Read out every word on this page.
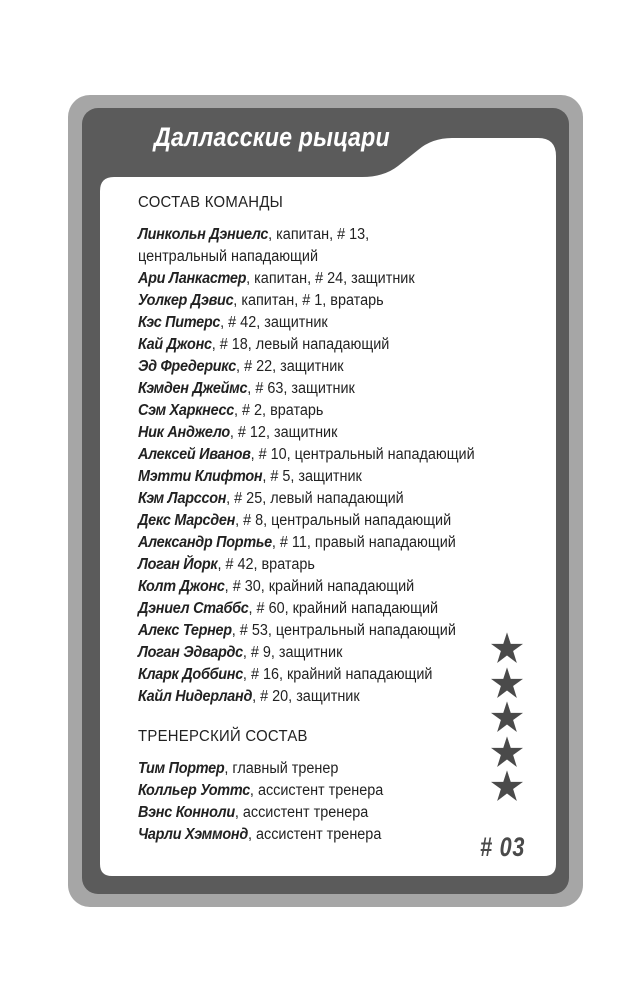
Далласские рыцари
СОСТАВ КОМАНДЫ
Линкольн Дэниелс, капитан, # 13,
центральный нападающий
Ари Ланкастер, капитан, # 24, защитник
Уолкер Дэвис, капитан, # 1, вратарь
Кэс Питерс, # 42, защитник
Кай Джонс, # 18, левый нападающий
Эд Фредерикс, # 22, защитник
Кэмден Джеймс, # 63, защитник
Сэм Харкнесс, # 2, вратарь
Ник Анджело, # 12, защитник
Алексей Иванов, # 10, центральный нападающий
Мэтти Клифтон, # 5, защитник
Кэм Ларссон, # 25, левый нападающий
Декс Марсден, # 8, центральный нападающий
Александр Портье, # 11, правый нападающий
Логан Йорк, # 42, вратарь
Колт Джонс, # 30, крайний нападающий
Дэниел Стаббс, # 60, крайний нападающий
Алекс Тернер, # 53, центральный нападающий
Логан Эдвардс, # 9, защитник
Кларк Доббинс, # 16, крайний нападающий
Кайл Нидерланд, # 20, защитник
ТРЕНЕРСКИЙ СОСТАВ
Тим Портер, главный тренер
Колльер Уоттс, ассистент тренера
Вэнс Конноли, ассистент тренера
Чарли Хэммонд, ассистент тренера	# 03
